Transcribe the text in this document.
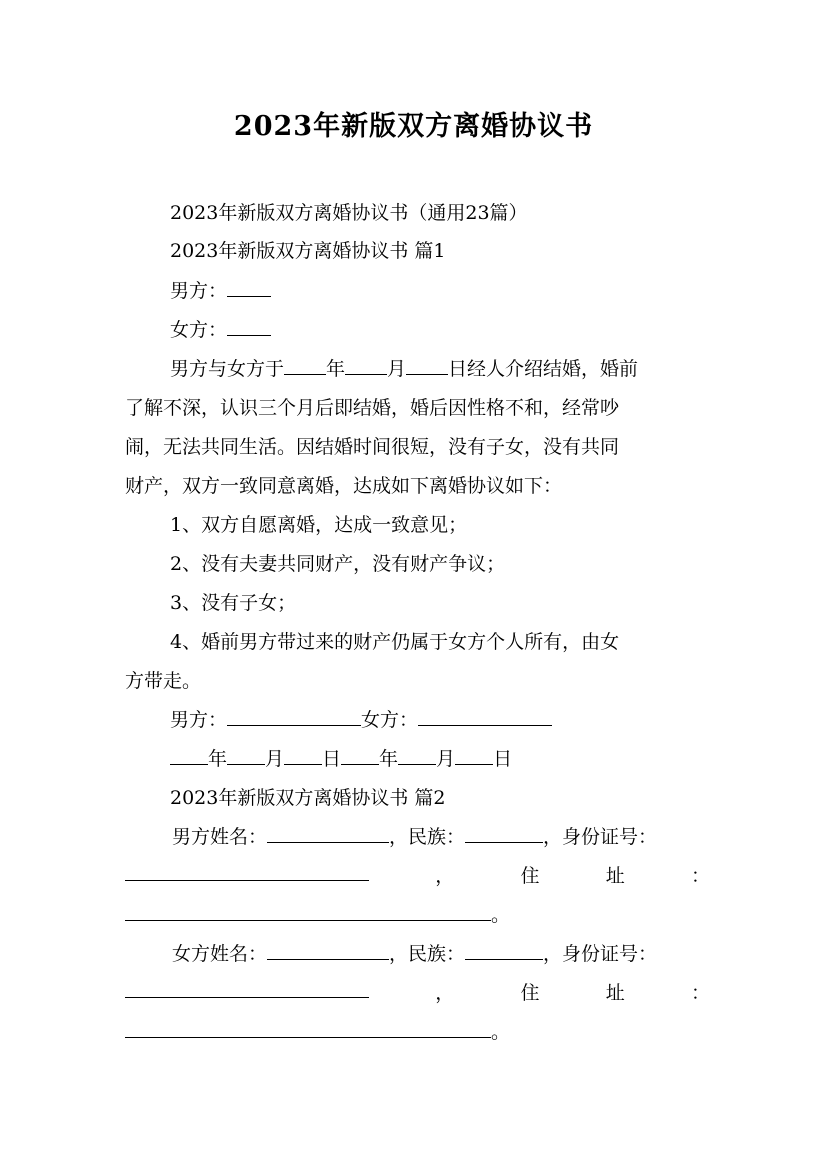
2023年新版双方离婚协议书
2023年新版双方离婚协议书（通用23篇）
2023年新版双方离婚协议书 篇1
男方：
女方：
男方与女方于 年 月 日经人介绍结婚，婚前
了解不深，认识三个月后即结婚，婚后因性格不和，经常吵
闹，无法共同生活。因结婚时间很短，没有子女，没有共同
财产，双方一致同意离婚，达成如下离婚协议如下：
1、双方自愿离婚，达成一致意见；
2、没有夫妻共同财产，没有财产争议；
3、没有子女；
4、婚前男方带过来的财产仍属于女方个人所有，由女
方带走。
男方：	女方：
年 月 日 年 月 日
2023年新版双方离婚协议书 篇2
男方姓名：	，民族：	，身份证号：
，	住	址	：
。
女方姓名：	，民族：	，身份证号：
，	住	址	：
。
